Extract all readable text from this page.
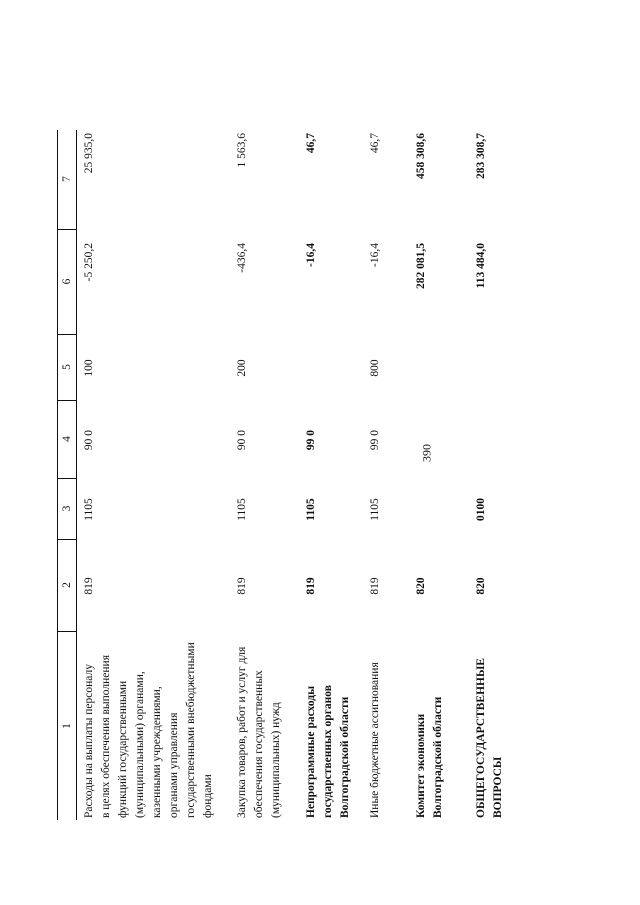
390
1
2
3
4
5
6
7
Расходы на выплаты персоналу в целях обеспечения выполнения функций государственными (муниципальными) органами, казенными учреждениями, органами управления государственными внебюджетными фондами
819
1105
90 0
100
-5 250,2
25 935,0
Закупка товаров, работ и услуг для обеспечения государственных (муниципальных) нужд
819
1105
90 0
200
-436,4
1 563,6
Непрограммные расходы государственных органов Волгоградской области
819
1105
99 0
-16,4
46,7
Иные бюджетные ассигнования
819
1105
99 0
800
-16,4
46,7
Комитет экономики Волгоградской области
820
282 081,5
458 308,6
ОБЩЕГОСУДАРСТВЕННЫЕ ВОПРОСЫ
820
0100
113 484,0
283 308,7
